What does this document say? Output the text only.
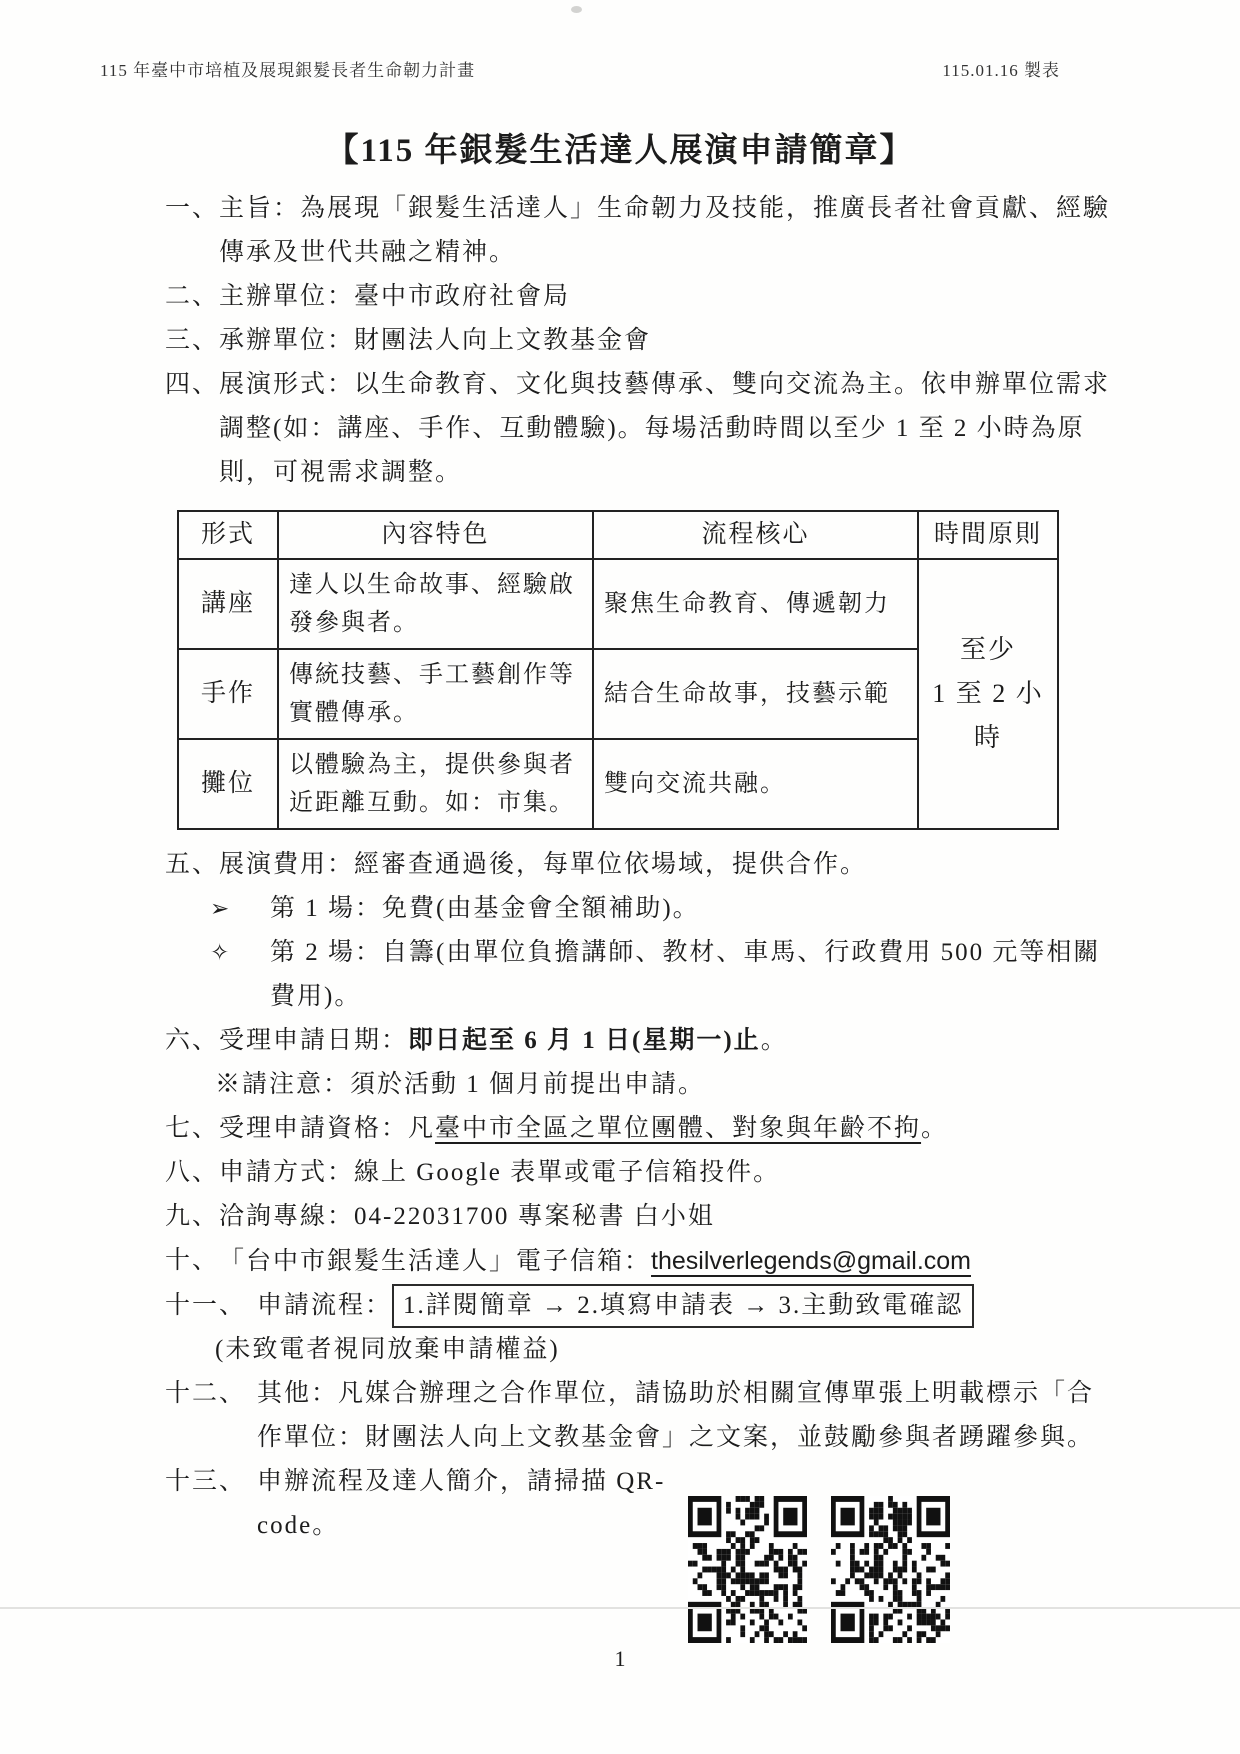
115 年臺中市培植及展現銀髮長者生命韌力計畫	115.01.16 製表
【115 年銀髮生活達人展演申請簡章】
一、 主旨：為展現「銀髮生活達人」生命韌力及技能，推廣長者社會貢獻、經驗傳承及世代共融之精神。
二、 主辦單位：臺中市政府社會局
三、 承辦單位：財團法人向上文教基金會
四、 展演形式：以生命教育、文化與技藝傳承、雙向交流為主。依申辦單位需求調整(如：講座、手作、互動體驗)。每場活動時間以至少 1 至 2 小時為原則，可視需求調整。
形式	內容特色	流程核心	時間原則
講座	達人以生命故事、經驗啟發參與者。	聚焦生命教育、傳遞韌力	至少
1 至 2 小時

手作	傳統技藝、手工藝創作等實體傳承。	結合生命故事，技藝示範	
攤位	以體驗為主，提供參與者近距離互動。如：市集。	雙向交流共融。	
五、 展演費用：經審查通過後，每單位依場域，提供合作。
➢	第 1 場：免費(由基金會全額補助)。
✧	第 2 場：自籌(由單位負擔講師、教材、車馬、行政費用 500 元等相關費用)。
六、 受理申請日期：即日起至 6 月 1 日(星期一)止。
※請注意：須於活動 1 個月前提出申請。
七、 受理申請資格：凡臺中市全區之單位團體、對象與年齡不拘。
八、 申請方式：線上 Google 表單或電子信箱投件。
九、 洽詢專線：04-22031700 專案秘書 白小姐
十、 「台中市銀髮生活達人」電子信箱：thesilverlegends@gmail.com
十一、 申請流程： 1.詳閱簡章 → 2.填寫申請表 → 3.主動致電確認
(未致電者視同放棄申請權益)
十二、 其他：凡媒合辦理之合作單位，請協助於相關宣傳單張上明載標示「合作單位：財團法人向上文教基金會」之文案，並鼓勵參與者踴躍參與。
十三、 申辦流程及達人簡介，請掃描 QR-code。
1
